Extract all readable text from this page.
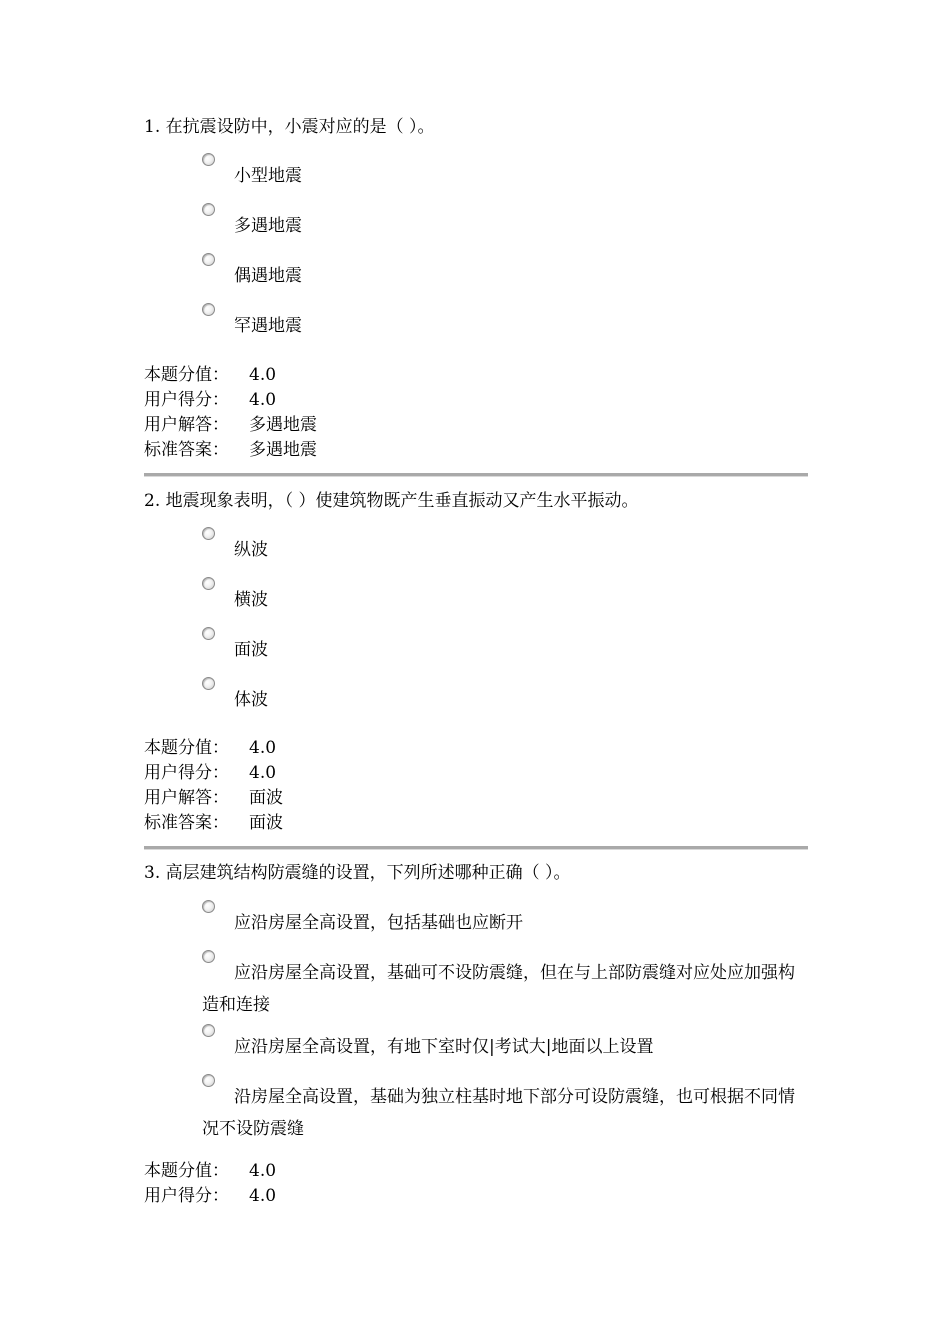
1. 在抗震设防中，小震对应的是（ ）。
小型地震
多遇地震
偶遇地震
罕遇地震
本题分值： 4.0
用户得分： 4.0
用户解答： 多遇地震
标准答案： 多遇地震
2. 地震现象表明，（ ）使建筑物既产生垂直振动又产生水平振动。
纵波
横波
面波
体波
本题分值： 4.0
用户得分： 4.0
用户解答： 面波
标准答案： 面波
3. 高层建筑结构防震缝的设置，下列所述哪种正确（ ）。
应沿房屋全高设置，包括基础也应断开
应沿房屋全高设置，基础可不设防震缝，但在与上部防震缝对应处应加强构造和连接
应沿房屋全高设置，有地下室时仅|考试大|地面以上设置
沿房屋全高设置，基础为独立柱基时地下部分可设防震缝，也可根据不同情况不设防震缝
本题分值： 4.0
用户得分： 4.0
